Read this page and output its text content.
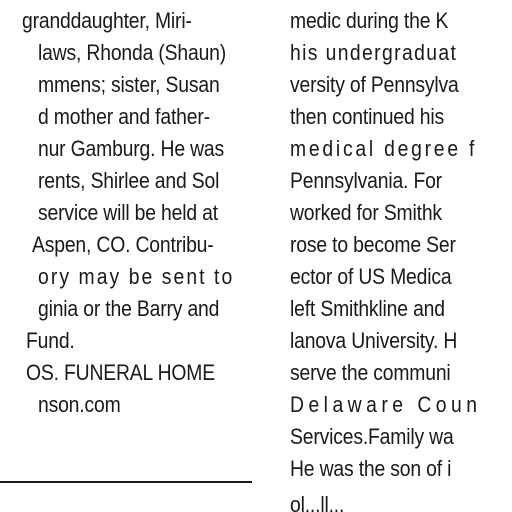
granddaughter, Miri-
laws, Rhonda (Shaun)
mmens; sister, Susan
d mother and father-
nur Gamburg. He was
rents, Shirlee and Sol
service will be held at
Aspen, CO. Contribu-
ory may be sent to
ginia or the Barry and
Fund.
OS. FUNERAL HOME
nson.com
medic during the K
his undergraduat
versity of Pennsylva
then continued his
medical degree f
Pennsylvania. For
worked for Smithk
rose to become Ser
ector of US Medica
left Smithkline and
lanova University. H
serve the communi
Delaware Coun
Services.Family wa
He was the son of i
ol...ll...
